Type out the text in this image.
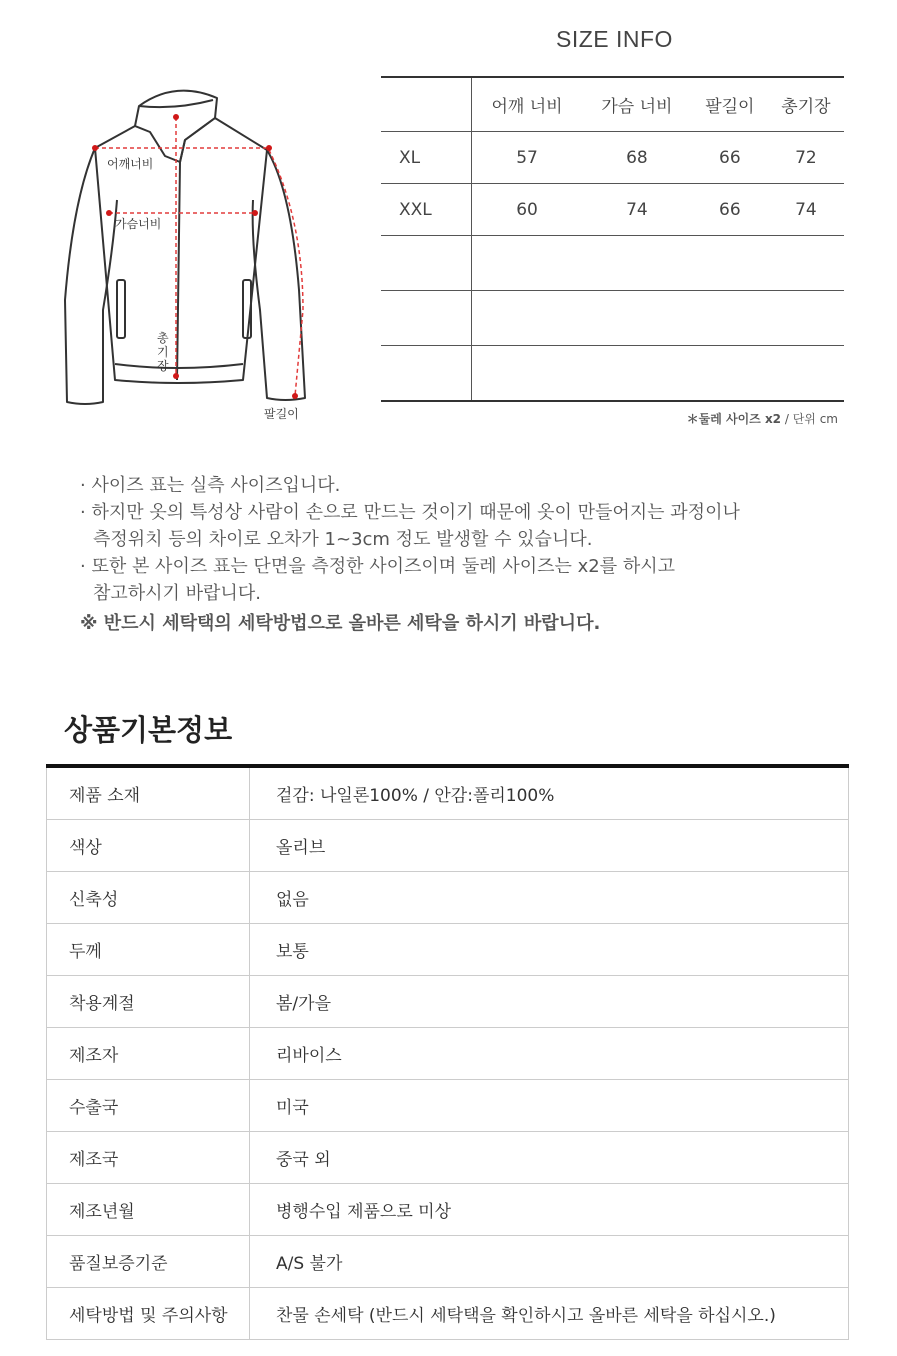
SIZE INFO
어깨너비
가슴너비
총
기
장
팔길이
	어깨 너비	가슴 너비	팔길이	총기장
XL	57	68	66	72
XXL	60	74	66	74

＊둘레 사이즈 x2 / 단위 cm
· 사이즈 표는 실측 사이즈입니다.
· 하지만 옷의 특성상 사람이 손으로 만드는 것이기 때문에 옷이 만들어지는 과정이나
측정위치 등의 차이로 오차가 1~3cm 정도 발생할 수 있습니다.
· 또한 본 사이즈 표는 단면을 측정한 사이즈이며 둘레 사이즈는 x2를 하시고
참고하시기 바랍니다.
※ 반드시 세탁택의 세탁방법으로 올바른 세탁을 하시기 바랍니다.
상품기본정보
제품 소재	겉감: 나일론100% / 안감:폴리100%
색상	올리브
신축성	없음
두께	보통
착용계절	봄/가을
제조자	리바이스
수출국	미국
제조국	중국 외
제조년월	병행수입 제품으로 미상
품질보증기준	A/S 불가
세탁방법 및 주의사항	찬물 손세탁 (반드시 세탁택을 확인하시고 올바른 세탁을 하십시오.)
